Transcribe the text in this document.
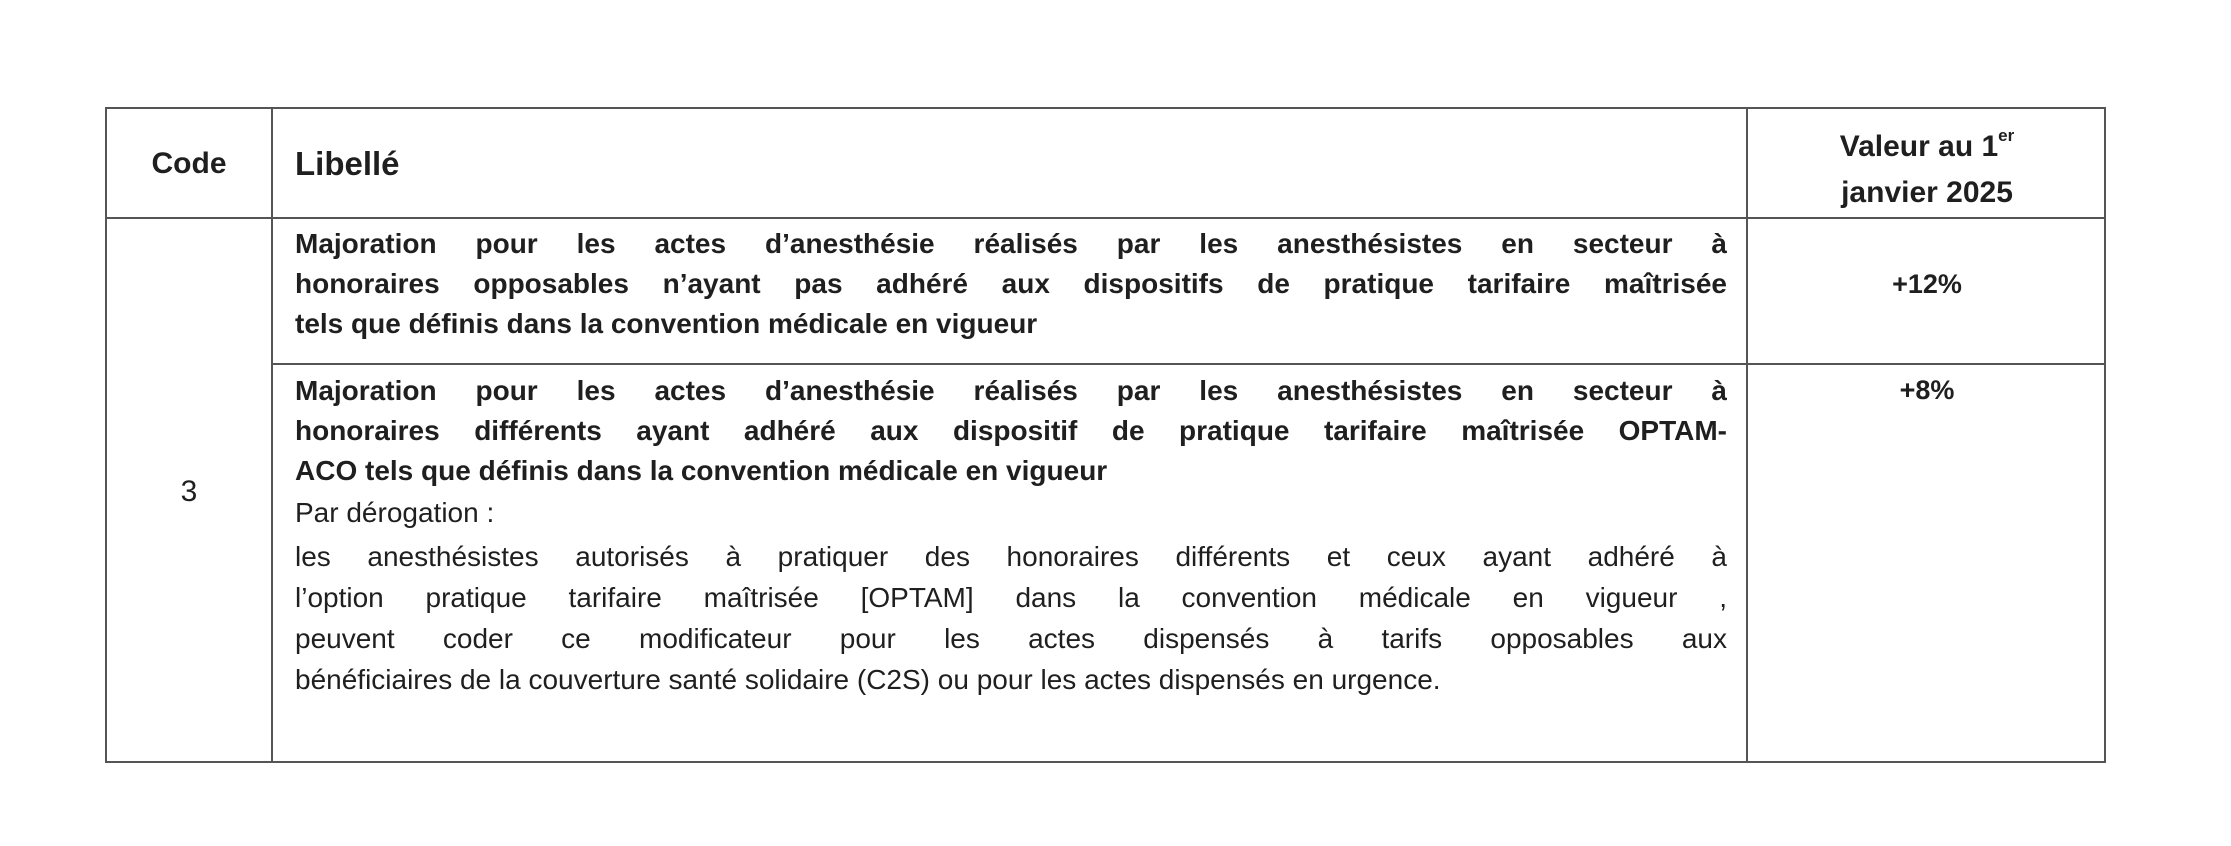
Code	Libellé	Valeur au 1er
janvier 2025
3
Majoration pour les actes d’anesthésie réalisés par les anesthésistes en secteur à
honoraires opposables n’ayant pas adhéré aux dispositifs de pratique tarifaire maîtrisée
tels que définis dans la convention médicale en vigueur
+12%
Majoration pour les actes d’anesthésie réalisés par les anesthésistes en secteur à
honoraires différents ayant adhéré aux dispositif de pratique tarifaire maîtrisée OPTAM-
ACO tels que définis dans la convention médicale en vigueur
Par dérogation :
les anesthésistes autorisés à pratiquer des honoraires différents et ceux ayant adhéré à
l’option pratique tarifaire maîtrisée [OPTAM] dans la convention médicale en vigueur ,
peuvent coder ce modificateur pour les actes dispensés à tarifs opposables aux
bénéficiaires de la couverture santé solidaire (C2S) ou pour les actes dispensés en urgence.
+8%
